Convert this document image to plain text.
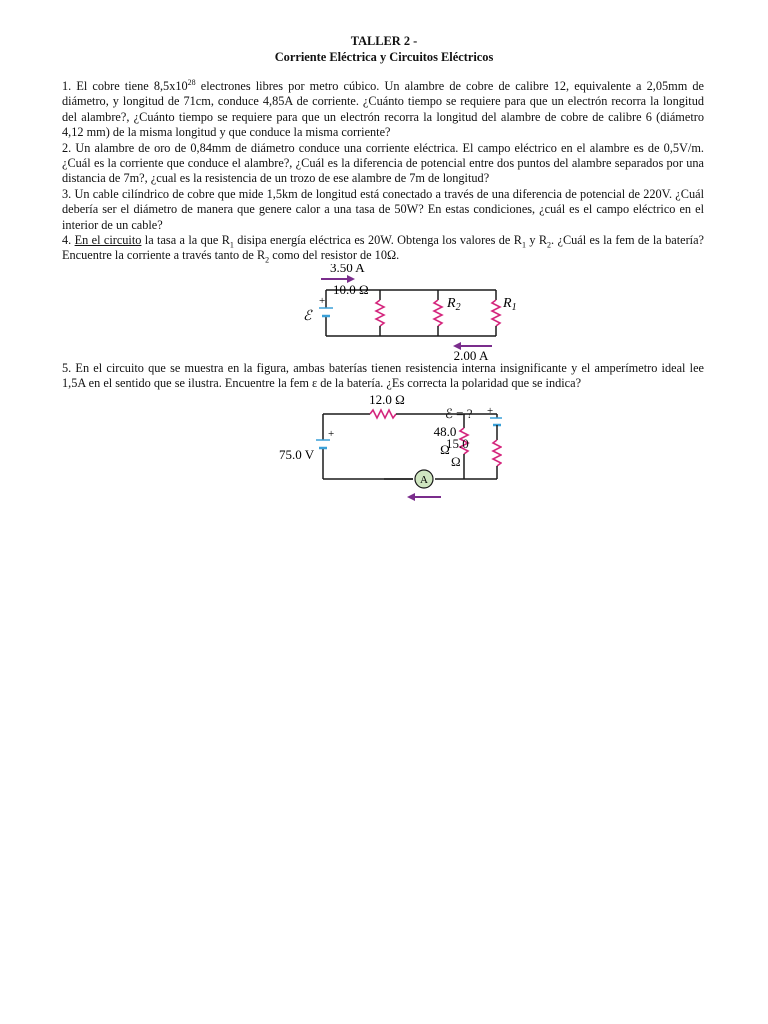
TALLER 2 -
Corriente Eléctrica y Circuitos Eléctricos
1. El cobre tiene $8,5x10^{28}$ electrones libres por metro cúbico. Un alambre de cobre de calibre 12, equivalente a 2,05mm de diámetro, y longitud de 71cm, conduce 4,85A de corriente. ¿Cuánto tiempo se requiere para que un electrón recorra la longitud del alambre?, ¿Cuánto tiempo se requiere para que un electrón recorra la longitud del alambre de cobre de calibre 6 (diámetro 4,12 mm) de la misma longitud y que conduce la misma corriente?
2. Un alambre de oro de 0,84mm de diámetro conduce una corriente eléctrica. El campo eléctrico en el alambre es de 0,5V/m. ¿Cuál es la corriente que conduce el alambre?, ¿Cuál es la diferencia de potencial entre dos puntos del alambre separados por una distancia de 7m?, ¿cual es la resistencia de un trozo de ese alambre de 7m de longitud?
3. Un cable cilíndrico de cobre que mide 1,5km de longitud está conectado a través de una diferencia de potencial de 220V. ¿Cuál debería ser el diámetro de manera que genere calor a una tasa de 50W? En estas condiciones, ¿cuál es el campo eléctrico en el interior de un cable?
4. En el circuito la tasa a la que $R_1$ disipa energía eléctrica es 20W. Obtenga los valores de $R_1$ y $R_2$. ¿Cuál es la fem de la batería? Encuentre la corriente a través tanto de $R_2$ como del resistor de 10Ω.
3.50 A
+
ℰ
10.0 Ω
$R_2$	$R_1$
2.00 A
5. En el circuito que se muestra en la figura, ambas baterías tienen resistencia interna insignificante y el amperímetro ideal lee 1,5A en el sentido que se ilustra. Encuentre la fem ε de la batería. ¿Es correcta la polaridad que se indica?
12.0 Ω
+
75.0 V
48.0
Ω
+
A
ℰ = ?
15.0
Ω
